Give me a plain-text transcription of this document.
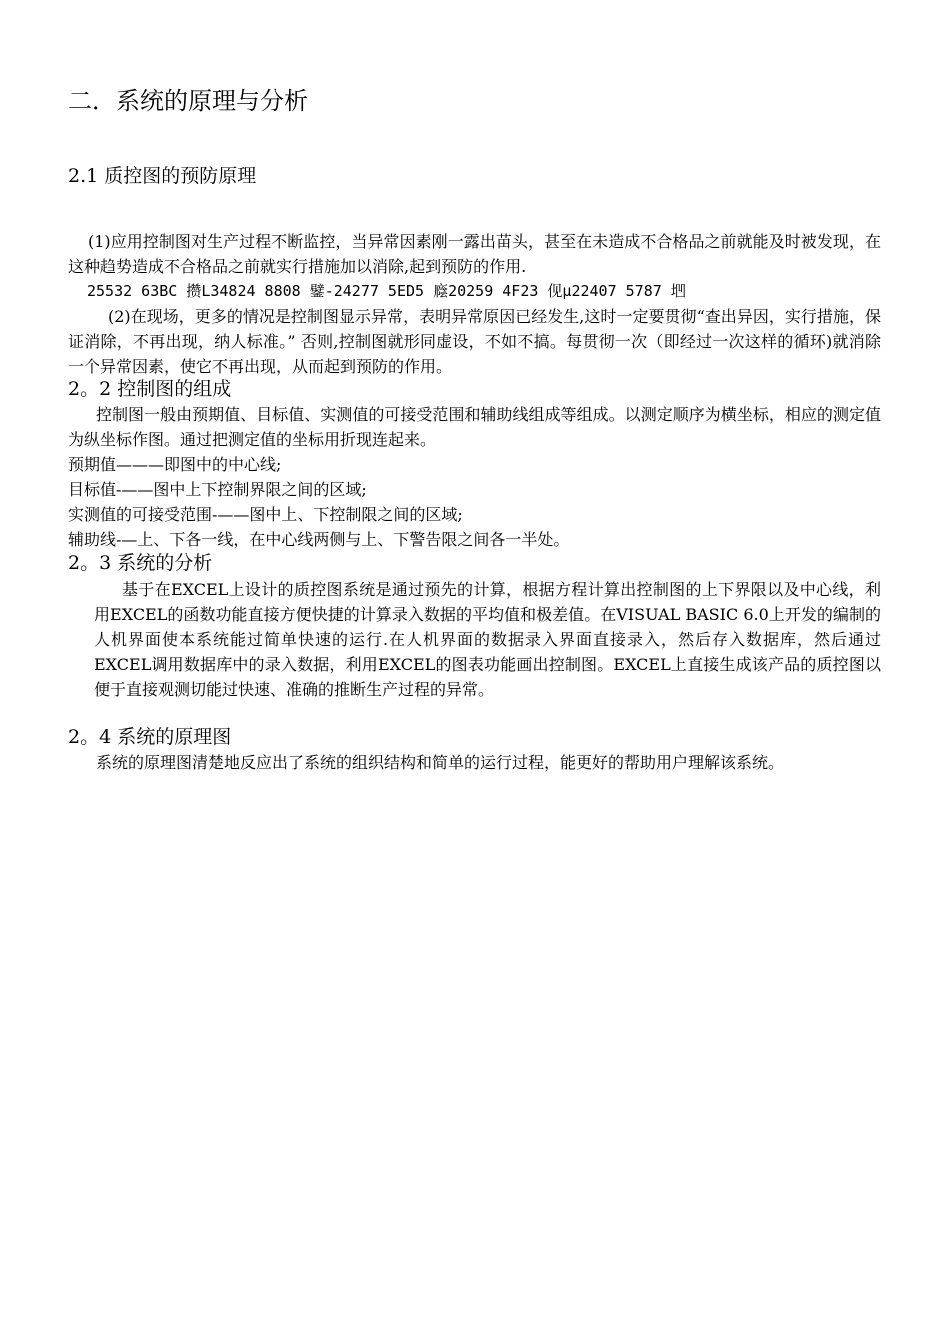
二．系统的原理与分析
2.1 质控图的预防原理

(1)应用控制图对生产过程不断监控，当异常因素刚一露出苗头，甚至在未造成不合格品之前就能及时被发现，在这种趋势造成不合格品之前就实行措施加以消除,起到预防的作用.

25532 63BC 攒L34824 8808 鐾-24277 5ED5 廕20259 4F23 伣μ22407 5787 垇

(2)在现场，更多的情况是控制图显示异常，表明异常原因已经发生,这时一定要贯彻“查出异因，实行措施，保证消除，不再出现，纳人标准。” 否则,控制图就形同虚设，不如不搞。每贯彻一次（即经过一次这样的循环)就消除一个异常因素，使它不再出现，从而起到预防的作用。

2。2 控制图的组成

控制图一般由预期值、目标值、实测值的可接受范围和辅助线组成等组成。以测定顺序为横坐标，相应的测定值为纵坐标作图。通过把测定值的坐标用折现连起来。

预期值———即图中的中心线;
目标值-——图中上下控制界限之间的区域;
实测值的可接受范围-——图中上、下控制限之间的区域;
辅助线-—上、下各一线，在中心线两侧与上、下警告限之间各一半处。
2。3 系统的分析

基于在EXCEL上设计的质控图系统是通过预先的计算，根据方程计算出控制图的上下界限以及中心线，利用EXCEL的函数功能直接方便快捷的计算录入数据的平均值和极差值。在VISUAL BASIC 6.0上开发的编制的人机界面使本系统能过简单快速的运行.在人机界面的数据录入界面直接录入，然后存入数据库，然后通过EXCEL调用数据库中的录入数据，利用EXCEL的图表功能画出控制图。EXCEL上直接生成该产品的质控图以便于直接观测切能过快速、准确的推断生产过程的异常。

2。4 系统的原理图

系统的原理图清楚地反应出了系统的组织结构和简单的运行过程，能更好的帮助用户理解该系统。
